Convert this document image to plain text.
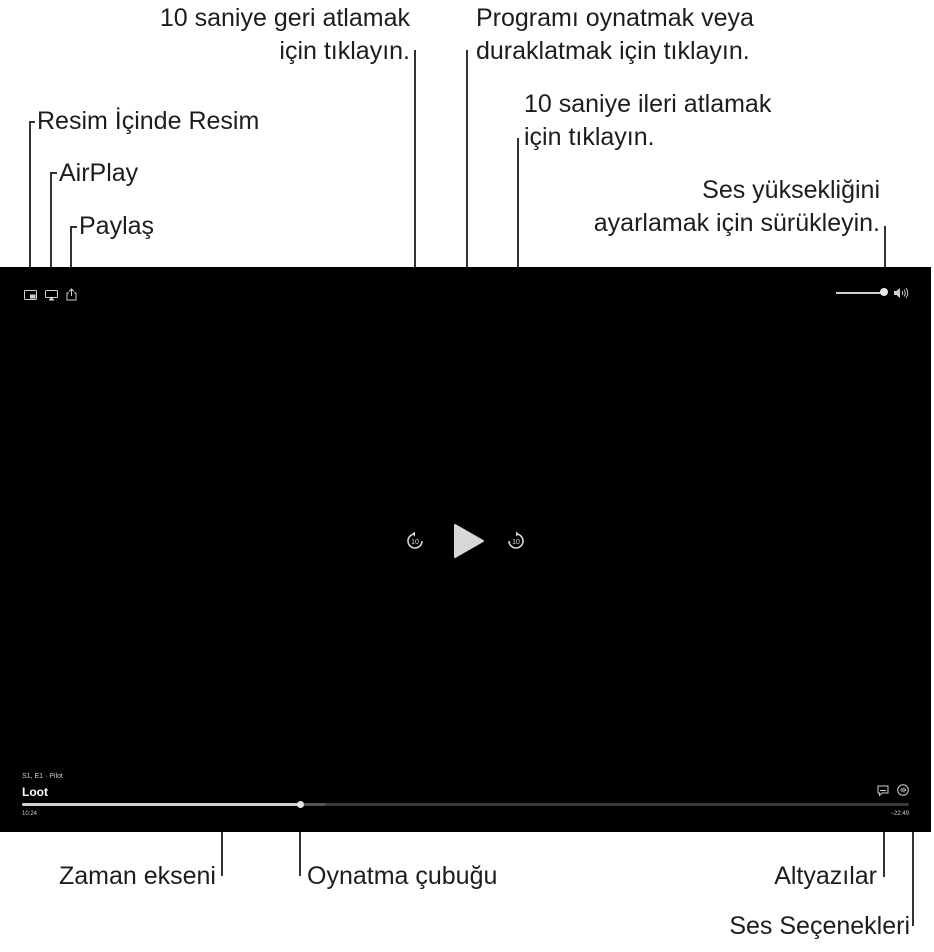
10 saniye geri atlamak
için tıklayın.
Programı oynatmak veya
duraklatmak için tıklayın.
10 saniye ileri atlamak
için tıklayın.
Ses yüksekliğini
ayarlamak için sürükleyin.
Resim İçinde Resim
AirPlay
Paylaş
Zaman ekseni	Oynatma çubuğu	Altyazılar
Ses Seçenekleri
10	10
S1, E1 · Pilot
Loot
10:24	−22:49
